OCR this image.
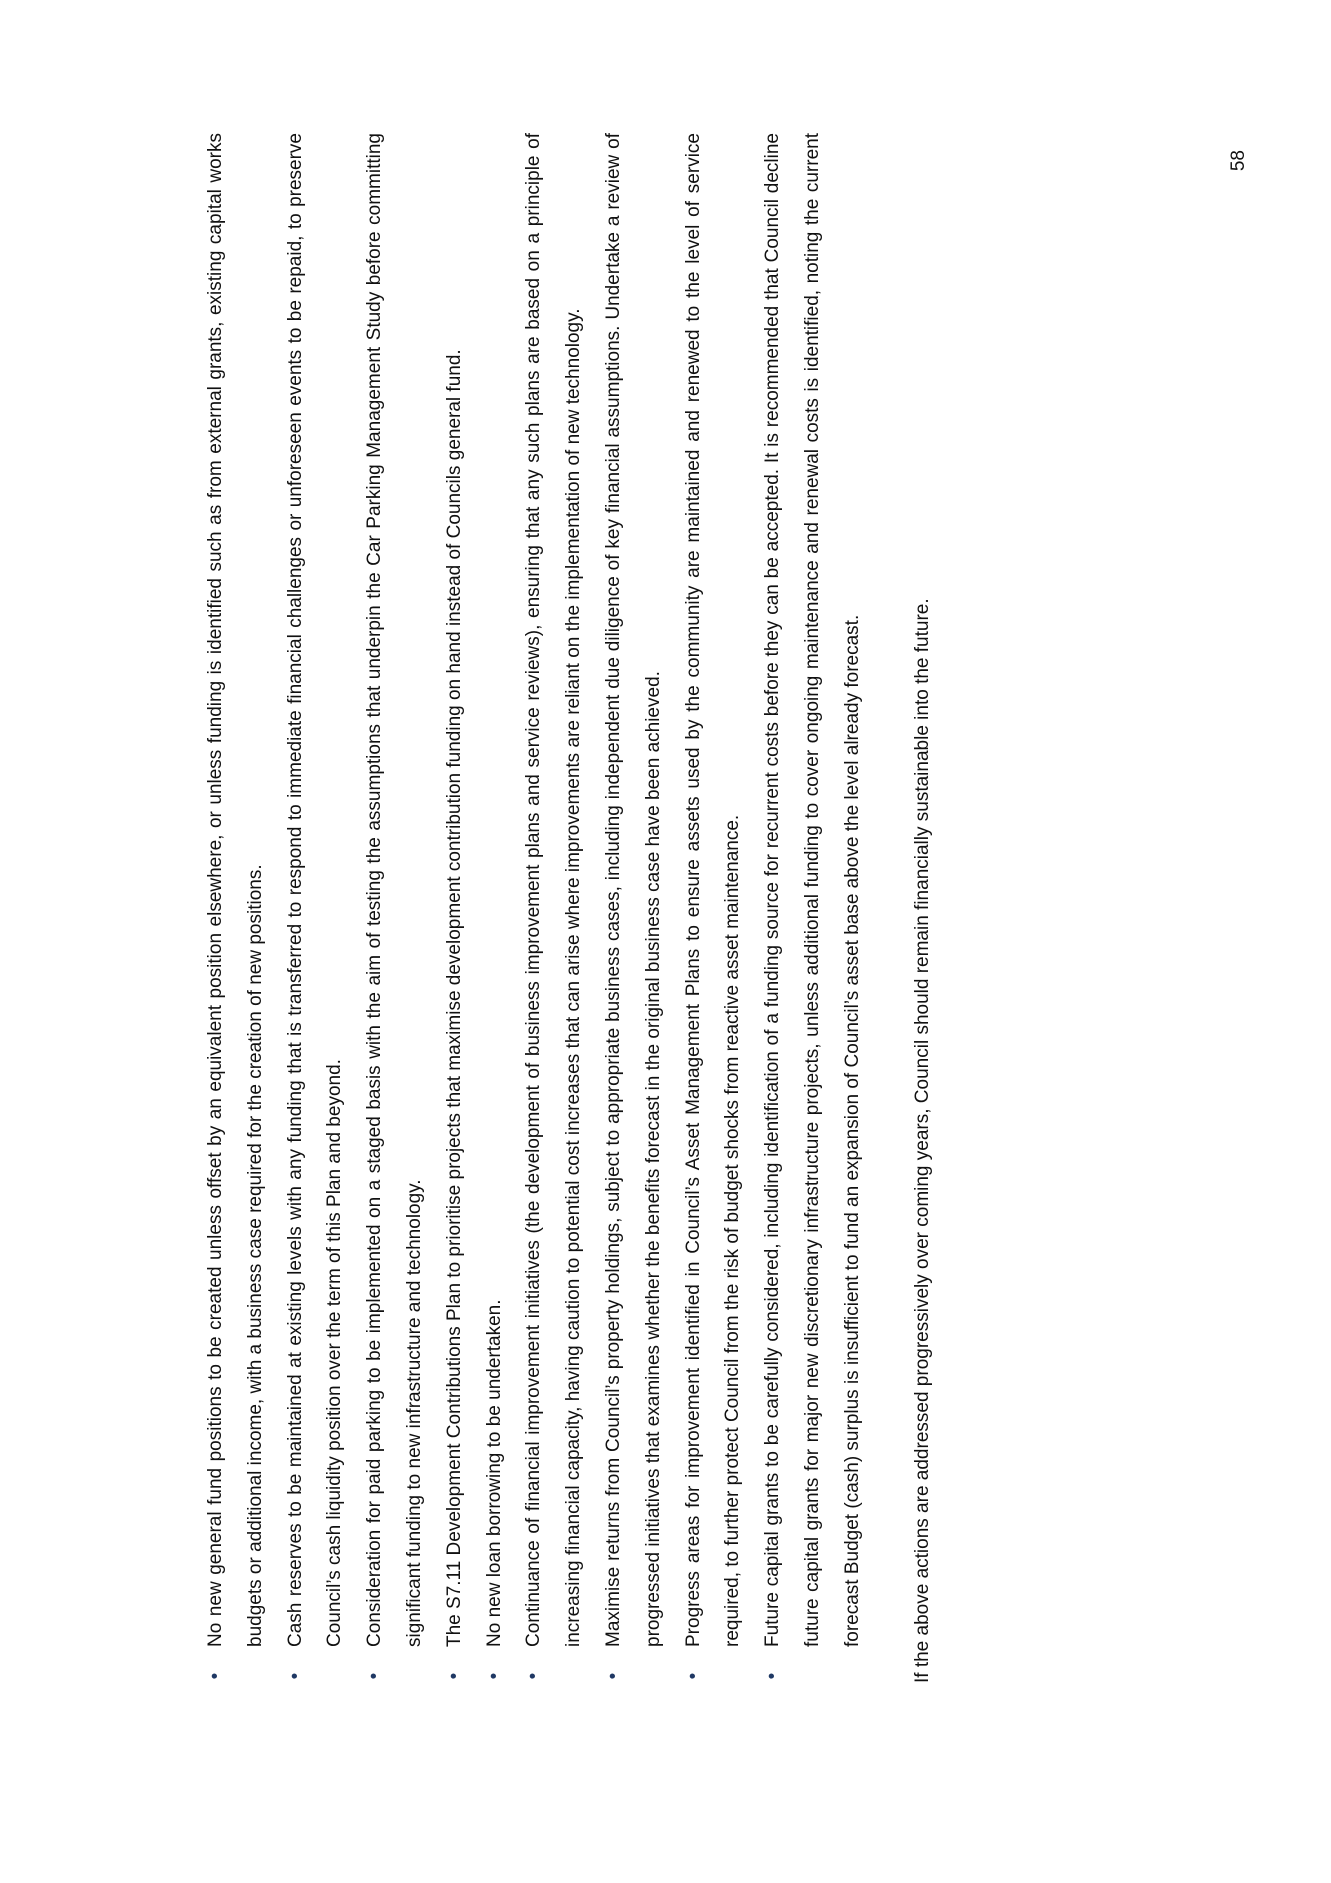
•
No new general fund positions to be created unless offset by an equivalent position elsewhere, or unless funding is identified such as from external grants, existing capital works budgets or additional income, with a business case required for the creation of new positions.
•
Cash reserves to be maintained at existing levels with any funding that is transferred to respond to immediate financial challenges or unforeseen events to be repaid, to preserve Council’s cash liquidity position over the term of this Plan and beyond.
•
Consideration for paid parking to be implemented on a staged basis with the aim of testing the assumptions that underpin the Car Parking Management Study before committing significant funding to new infrastructure and technology.
•
The S7.11 Development Contributions Plan to prioritise projects that maximise development contribution funding on hand instead of Councils general fund.
•
No new loan borrowing to be undertaken.
•
Continuance of financial improvement initiatives (the development of business improvement plans and service reviews), ensuring that any such plans are based on a principle of increasing financial capacity, having caution to potential cost increases that can arise where improvements are reliant on the implementation of new technology.
•
Maximise returns from Council’s property holdings, subject to appropriate business cases, including independent due diligence of key financial assumptions. Undertake a review of progressed initiatives that examines whether the benefits forecast in the original business case have been achieved.
•
Progress areas for improvement identified in Council’s Asset Management Plans to ensure assets used by the community are maintained and renewed to the level of service required, to further protect Council from the risk of budget shocks from reactive asset maintenance.
•
Future capital grants to be carefully considered, including identification of a funding source for recurrent costs before they can be accepted. It is recommended that Council decline future capital grants for major new discretionary infrastructure projects, unless additional funding to cover ongoing maintenance and renewal costs is identified, noting the current forecast Budget (cash) surplus is insufficient to fund an expansion of Council’s asset base above the level already forecast.	If the above actions are addressed progressively over coming years, Council should remain financially sustainable into the future.

58
